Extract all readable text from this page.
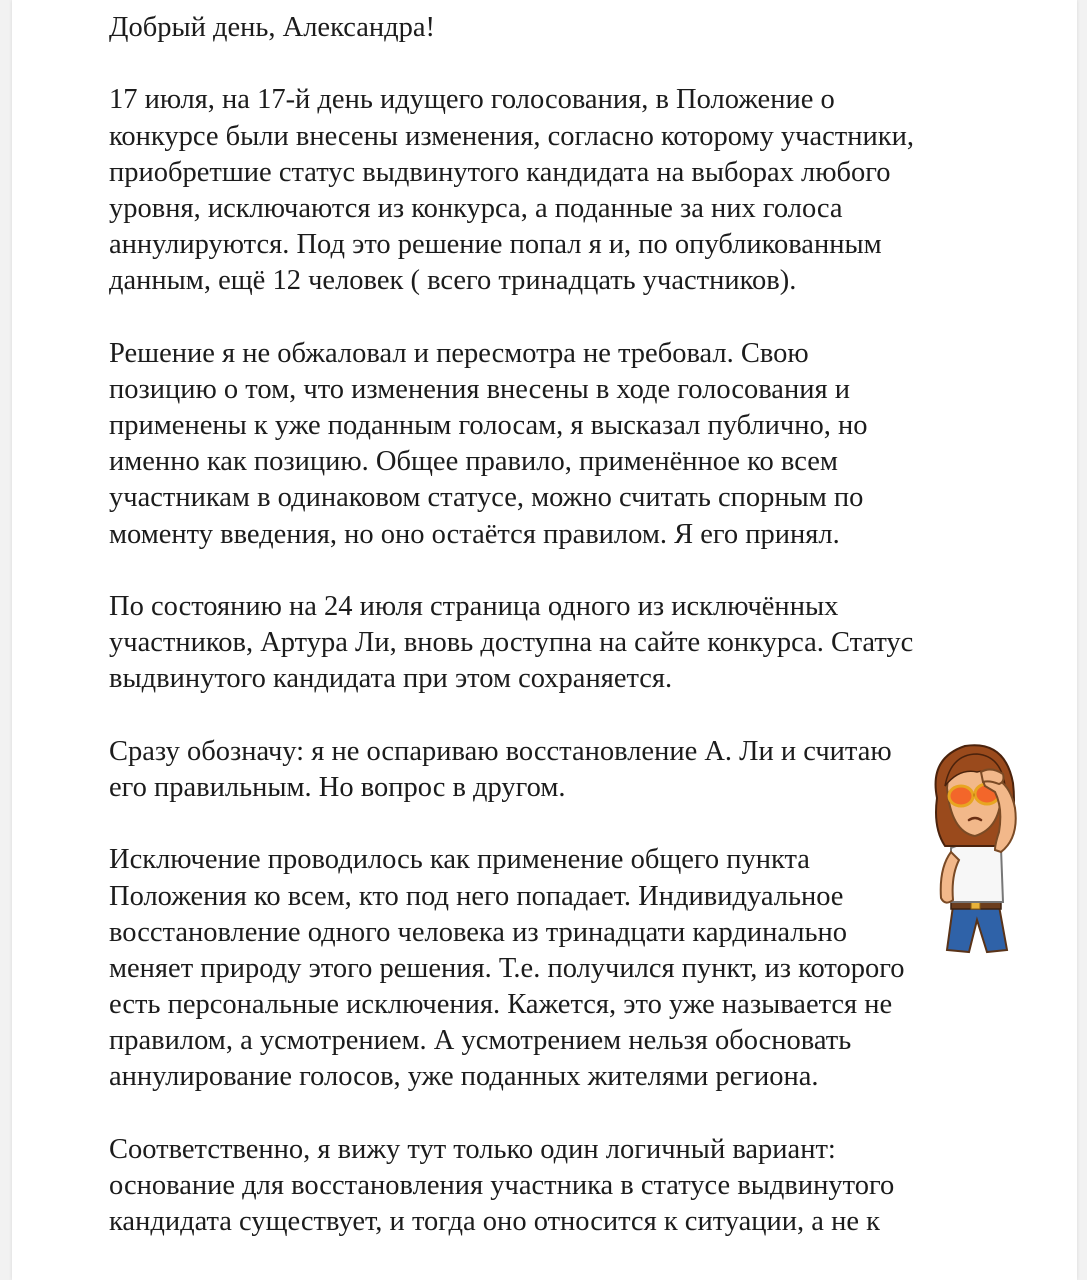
Добрый день, Александра!
17 июля, на 17-й день идущего голосования, в Положение о
конкурсе были внесены изменения, согласно которому участники,
приобретшие статус выдвинутого кандидата на выборах любого
уровня, исключаются из конкурса, а поданные за них голоса
аннулируются. Под это решение попал я и, по опубликованным
данным, ещё 12 человек ( всего тринадцать участников).
Решение я не обжаловал и пересмотра не требовал. Свою
позицию о том, что изменения внесены в ходе голосования и
применены к уже поданным голосам, я высказал публично, но
именно как позицию. Общее правило, применённое ко всем
участникам в одинаковом статусе, можно считать спорным по
моменту введения, но оно остаётся правилом. Я его принял.
По состоянию на 24 июля страница одного из исключённых
участников, Артура Ли, вновь доступна на сайте конкурса. Статус
выдвинутого кандидата при этом сохраняется.
Сразу обозначу: я не оспариваю восстановление А. Ли и считаю
его правильным. Но вопрос в другом.
Исключение проводилось как применение общего пункта
Положения ко всем, кто под него попадает. Индивидуальное
восстановление одного человека из тринадцати кардинально
меняет природу этого решения. Т.е. получился пункт, из которого
есть персональные исключения. Кажется, это уже называется не
правилом, а усмотрением. А усмотрением нельзя обосновать
аннулирование голосов, уже поданных жителями региона.
Соответственно, я вижу тут только один логичный вариант:
основание для восстановления участника в статусе выдвинутого
кандидата существует, и тогда оно относится к ситуации, а не к
